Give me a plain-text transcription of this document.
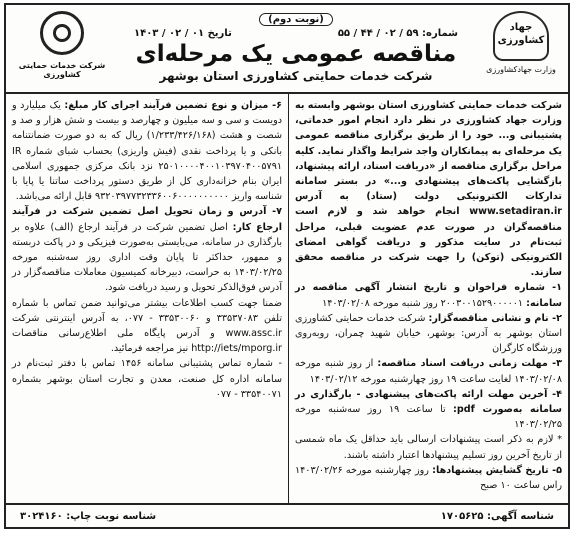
جهاد کشاورزی
وزارت جهادکشاورزی
(نوبت دوم)
شماره: ۵۹ / ۰۲ / ۴۴ / ۵۵
تاریخ ۰۱ / ۰۲ / ۱۴۰۳
مناقصه عمومی یک مرحله‌ای
شرکت خدمات حمایتی کشاورزی استان بوشهر
شرکت خدمات حمایتی کشاورزی

شرکت خدمات حمایتی کشاورزی استان بوشهر وابسته به وزارت جهاد کشاورزی در نظر دارد انجام امور خدماتی، پشتیبانی و... خود را از طریق برگزاری مناقصه عمومی یک مرحله‌ای به پیمانکاران واجد شرایط واگذار نماید. کلیه مراحل برگزاری مناقصه از «دریافت اسناد، ارائه پیشنهاد، بازگشایی پاکت‌های پیشنهادی و...» در بستر سامانه تدارکات الکترونیکی دولت (ستاد) به آدرس www.setadiran.ir انجام خواهد شد و لازم است مناقصه‌گران در صورت عدم عضویت قبلی، مراحل ثبت‌نام در سایت مذکور و دریافت گواهی امضای الکترونیکی (توکن) را جهت شرکت در مناقصه محقق سازند.

۱- شماره فراخوان و تاریخ انتشار آگهی مناقصه در سامانه: ۲۰۰۳۰۰۱۵۲۹۰۰۰۰۰۱ روز شنبه مورخه ۱۴۰۳/۰۲/۰۸

۲- نام و نشانی مناقصه‌گزار: شرکت خدمات حمایتی کشاورزی استان بوشهر به آدرس: بوشهر، خیابان شهید چمران، روبه‌روی ورزشگاه کارگران

۳- مهلت زمانی دریافت اسناد مناقصه: از روز شنبه مورخه ۱۴۰۳/۰۲/۰۸ لغایت ساعت ۱۹ روز چهارشنبه مورخه ۱۴۰۳/۰۲/۱۲

۴- آخرین مهلت ارائه پاکت‌های پیشنهادی - بارگذاری در سامانه به‌صورت pdf: تا ساعت ۱۹ روز سه‌شنبه مورخه ۱۴۰۳/۰۲/۲۵

* لازم به ذکر است پیشنهادات ارسالی باید حداقل یک ماه شمسی از تاریخ آخرین روز تسلیم پیشنهادها اعتبار داشته باشند.

۵- تاریخ گشایش پیشنهادها: روز چهارشنبه مورخه ۱۴۰۳/۰۲/۲۶ راس ساعت ۱۰ صبح

۶- میزان و نوع تضمین فرآیند اجرای کار مبلغ: یک میلیارد و دویست و سی و سه میلیون و چهارصد و بیست و شش هزار و صد و شصت و هشت (۱/۲۳۳/۴۲۶/۱۶۸) ریال که به دو صورت ضمانتنامه بانکی و یا پرداخت نقدی (فیش واریزی) بحساب شبای شماره IR ۲۵۰۱۰۰۰۰۴۰۰۱۰۳۹۷۰۴۰۰۵۷۹۱ نزد بانک مرکزی جمهوری اسلامی ایران بنام خزانه‌داری کل از طریق دستور پرداخت ساتنا یا پایا با شناسه واریز ۹۳۲۰۳۹۷۷۳۲۳۳۶۰۰۶۰۰۰۰۰۰۰۰۰۰ قابل ارائه می‌باشد.

۷- آدرس و زمان تحویل اصل تضمین شرکت در فرآیند ارجاع کار: اصل تضمین شرکت در فرآیند ارجاع (الف) علاوه بر بارگذاری در سامانه، می‌بایستی به‌صورت فیزیکی و در پاکت دربسته و ممهور، حداکثر تا پایان وقت اداری روز سه‌شنبه مورخه ۱۴۰۳/۰۲/۲۵ به حراست، دبیرخانه کمیسیون معاملات مناقصه‌گزار در آدرس فوق‌الذکر تحویل و رسید دریافت شود.

ضمنا جهت کسب اطلاعات بیشتر می‌توانید ضمن تماس با شماره تلفن ۳۳۵۳۷۰۸۳ و ۳۳۵۳۰۰۶۰ - ۰۷۷، به آدرس اینترنتی شرکت www.assc.ir و آدرس پایگاه ملی اطلاع‌رسانی مناقصات http://iets/mporg.ir نیز مراجعه فرمائید.

- شماره تماس پشتیبانی سامانه ۱۴۵۶ تماس با دفتر ثبت‌نام در سامانه اداره کل صنعت، معدن و تجارت استان بوشهر بشماره ۳۳۵۴۰۰۷۱ - ۰۷۷

شناسه آگهی: ۱۷۰۵۶۲۵
شناسه نوبت چاپ: ۳۰۲۴۱۶۰
